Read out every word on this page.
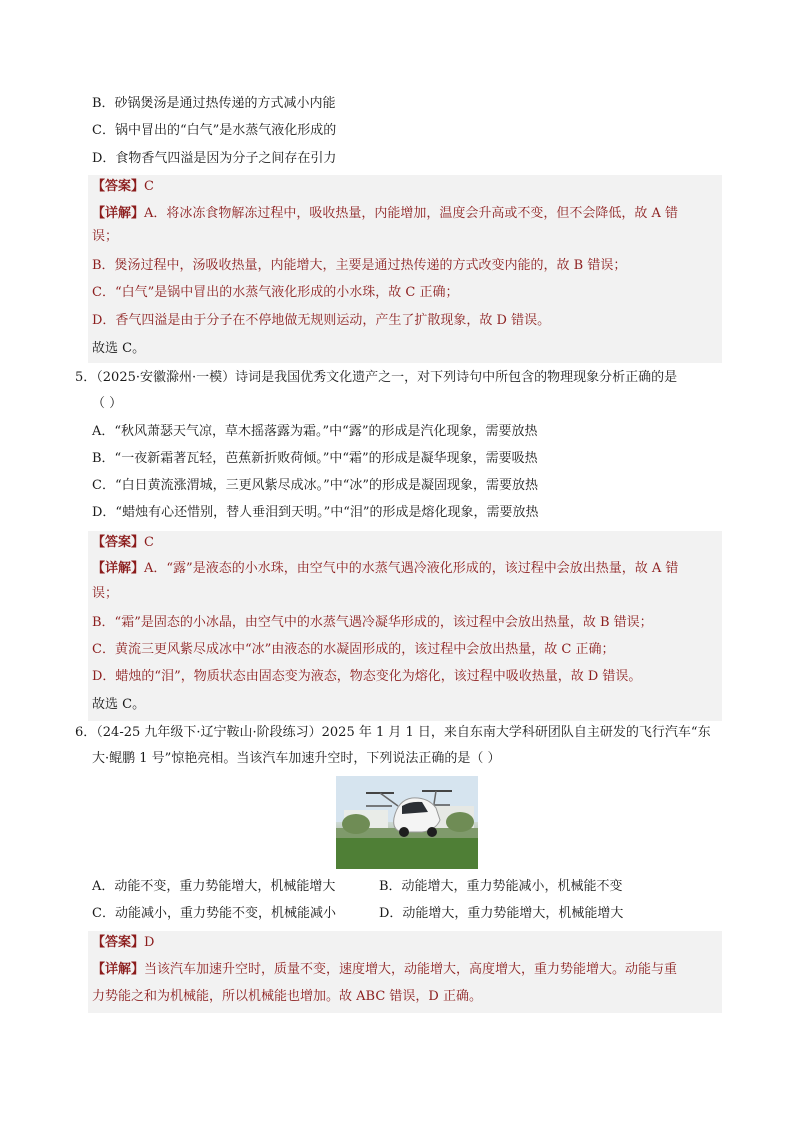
B．砂锅煲汤是通过热传递的方式减小内能
C．锅中冒出的“白气”是水蒸气液化形成的
D．食物香气四溢是因为分子之间存在引力
【答案】C
【详解】A．将冰冻食物解冻过程中，吸收热量，内能增加，温度会升高或不变，但不会降低，故 A 错
误；
B．煲汤过程中，汤吸收热量，内能增大，主要是通过热传递的方式改变内能的，故 B 错误；
C．“白气”是锅中冒出的水蒸气液化形成的小水珠，故 C 正确；
D．香气四溢是由于分子在不停地做无规则运动，产生了扩散现象，故 D 错误。
故选 C。
5．（2025·安徽滁州·一模）诗词是我国优秀文化遗产之一，对下列诗句中所包含的物理现象分析正确的是
（ ）
A．“秋风萧瑟天气凉，草木摇落露为霜。”中“露”的形成是汽化现象，需要放热
B．“一夜新霜著瓦轻，芭蕉新折败荷倾。”中“霜”的形成是凝华现象，需要吸热
C．“白日黄流涨渭城，三更风紫尽成冰。”中“冰”的形成是凝固现象，需要放热
D．“蜡烛有心还惜别，替人垂泪到天明。”中“泪”的形成是熔化现象，需要放热
【答案】C
【详解】A．“露”是液态的小水珠，由空气中的水蒸气遇冷液化形成的，该过程中会放出热量，故 A 错
误；
B．“霜”是固态的小冰晶，由空气中的水蒸气遇冷凝华形成的，该过程中会放出热量，故 B 错误；
C．黄流三更风紫尽成冰中“冰”由液态的水凝固形成的，该过程中会放出热量，故 C 正确；
D．蜡烛的“泪”，物质状态由固态变为液态，物态变化为熔化，该过程中吸收热量，故 D 错误。
故选 C。
6．（24-25 九年级下·辽宁鞍山·阶段练习）2025 年 1 月 1 日，来自东南大学科研团队自主研发的飞行汽车“东
大·鲲鹏 1 号”惊艳亮相。当该汽车加速升空时，下列说法正确的是（ ）
A．动能不变，重力势能增大，机械能增大	B．动能增大，重力势能减小，机械能不变
C．动能减小，重力势能不变，机械能减小	D．动能增大，重力势能增大，机械能增大
【答案】D
【详解】当该汽车加速升空时，质量不变，速度增大，动能增大，高度增大，重力势能增大。动能与重
力势能之和为机械能，所以机械能也增加。故 ABC 错误，D 正确。
